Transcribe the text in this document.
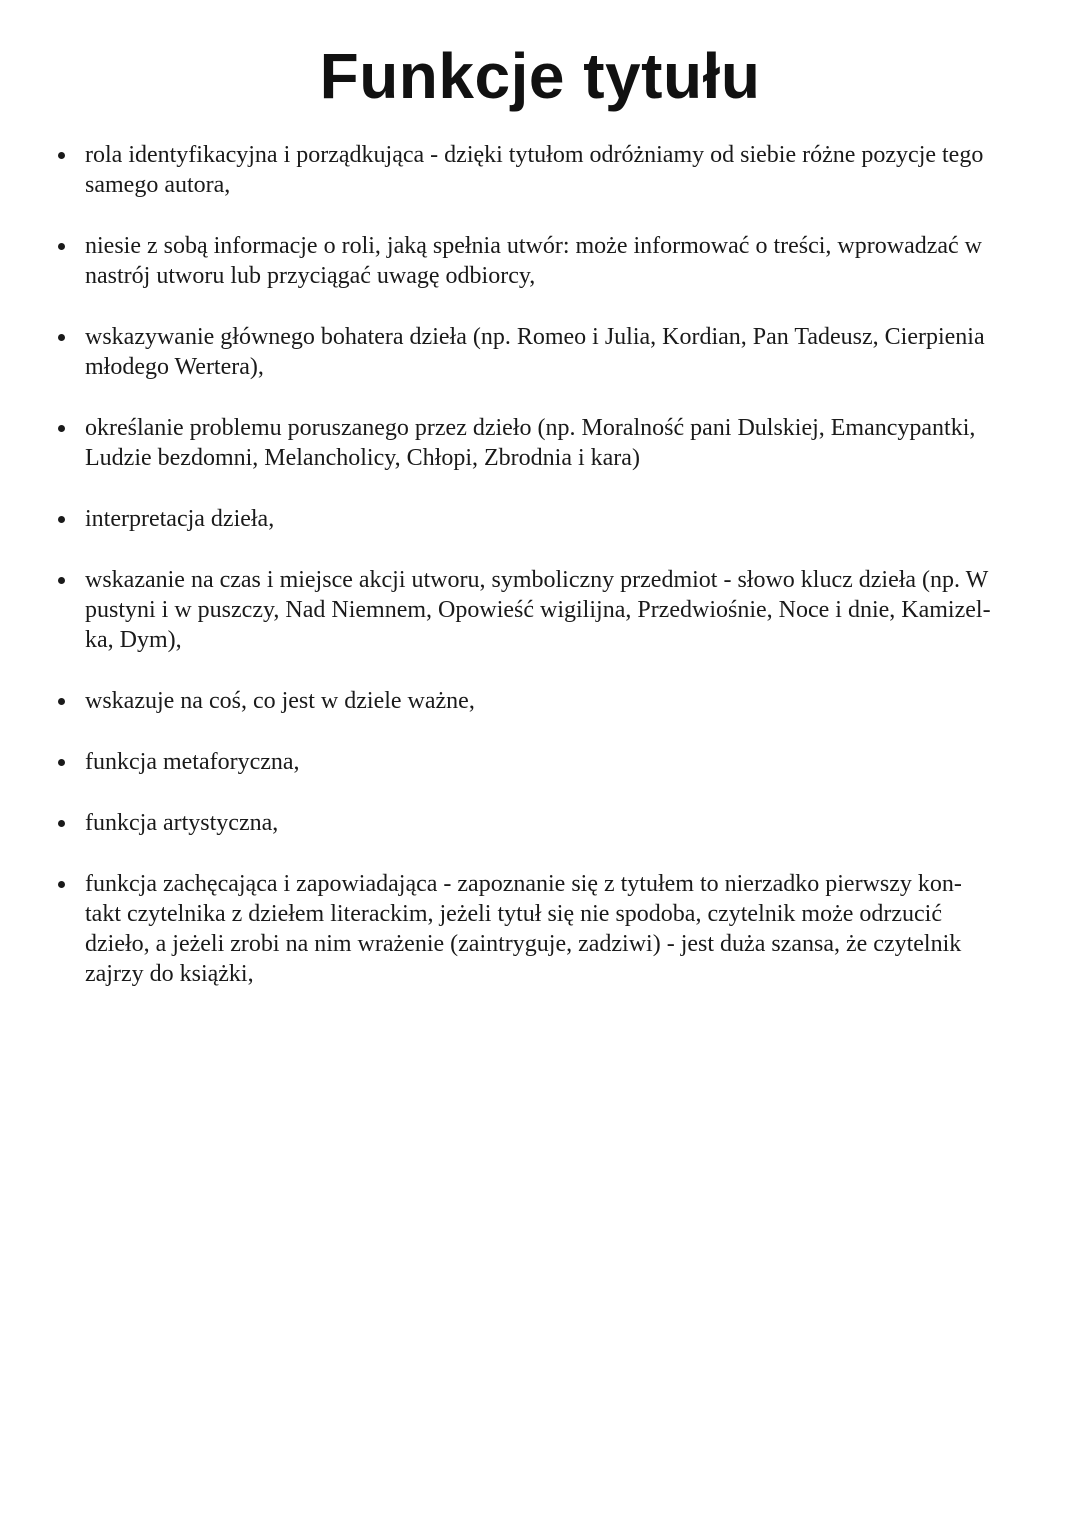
Funkcje tytułu
rola identyfikacyjna i porządkująca - dzięki tytułom odróżniamy od siebie różne pozycje tego
samego autora,
niesie z sobą informacje o roli, jaką spełnia utwór: może informować o treści, wprowadzać w
nastrój utworu lub przyciągać uwagę odbiorcy,
wskazywanie głównego bohatera dzieła (np. Romeo i Julia, Kordian, Pan Tadeusz, Cierpienia
młodego Wertera),
określanie problemu poruszanego przez dzieło (np. Moralność pani Dulskiej, Emancypantki,
Ludzie bezdomni, Melancholicy, Chłopi, Zbrodnia i kara)
interpretacja dzieła,
wskazanie na czas i miejsce akcji utworu, symboliczny przedmiot - słowo klucz dzieła (np. W
pustyni i w puszczy, Nad Niemnem, Opowieść wigilijna, Przedwiośnie, Noce i dnie, Kamizel-
ka, Dym),
wskazuje na coś, co jest w dziele ważne,
funkcja metaforyczna,
funkcja artystyczna,
funkcja zachęcająca i zapowiadająca - zapoznanie się z tytułem to nierzadko pierwszy kon-
takt czytelnika z dziełem literackim, jeżeli tytuł się nie spodoba, czytelnik może odrzucić
dzieło, a jeżeli zrobi na nim wrażenie (zaintryguje, zadziwi) - jest duża szansa, że czytelnik
zajrzy do książki,
